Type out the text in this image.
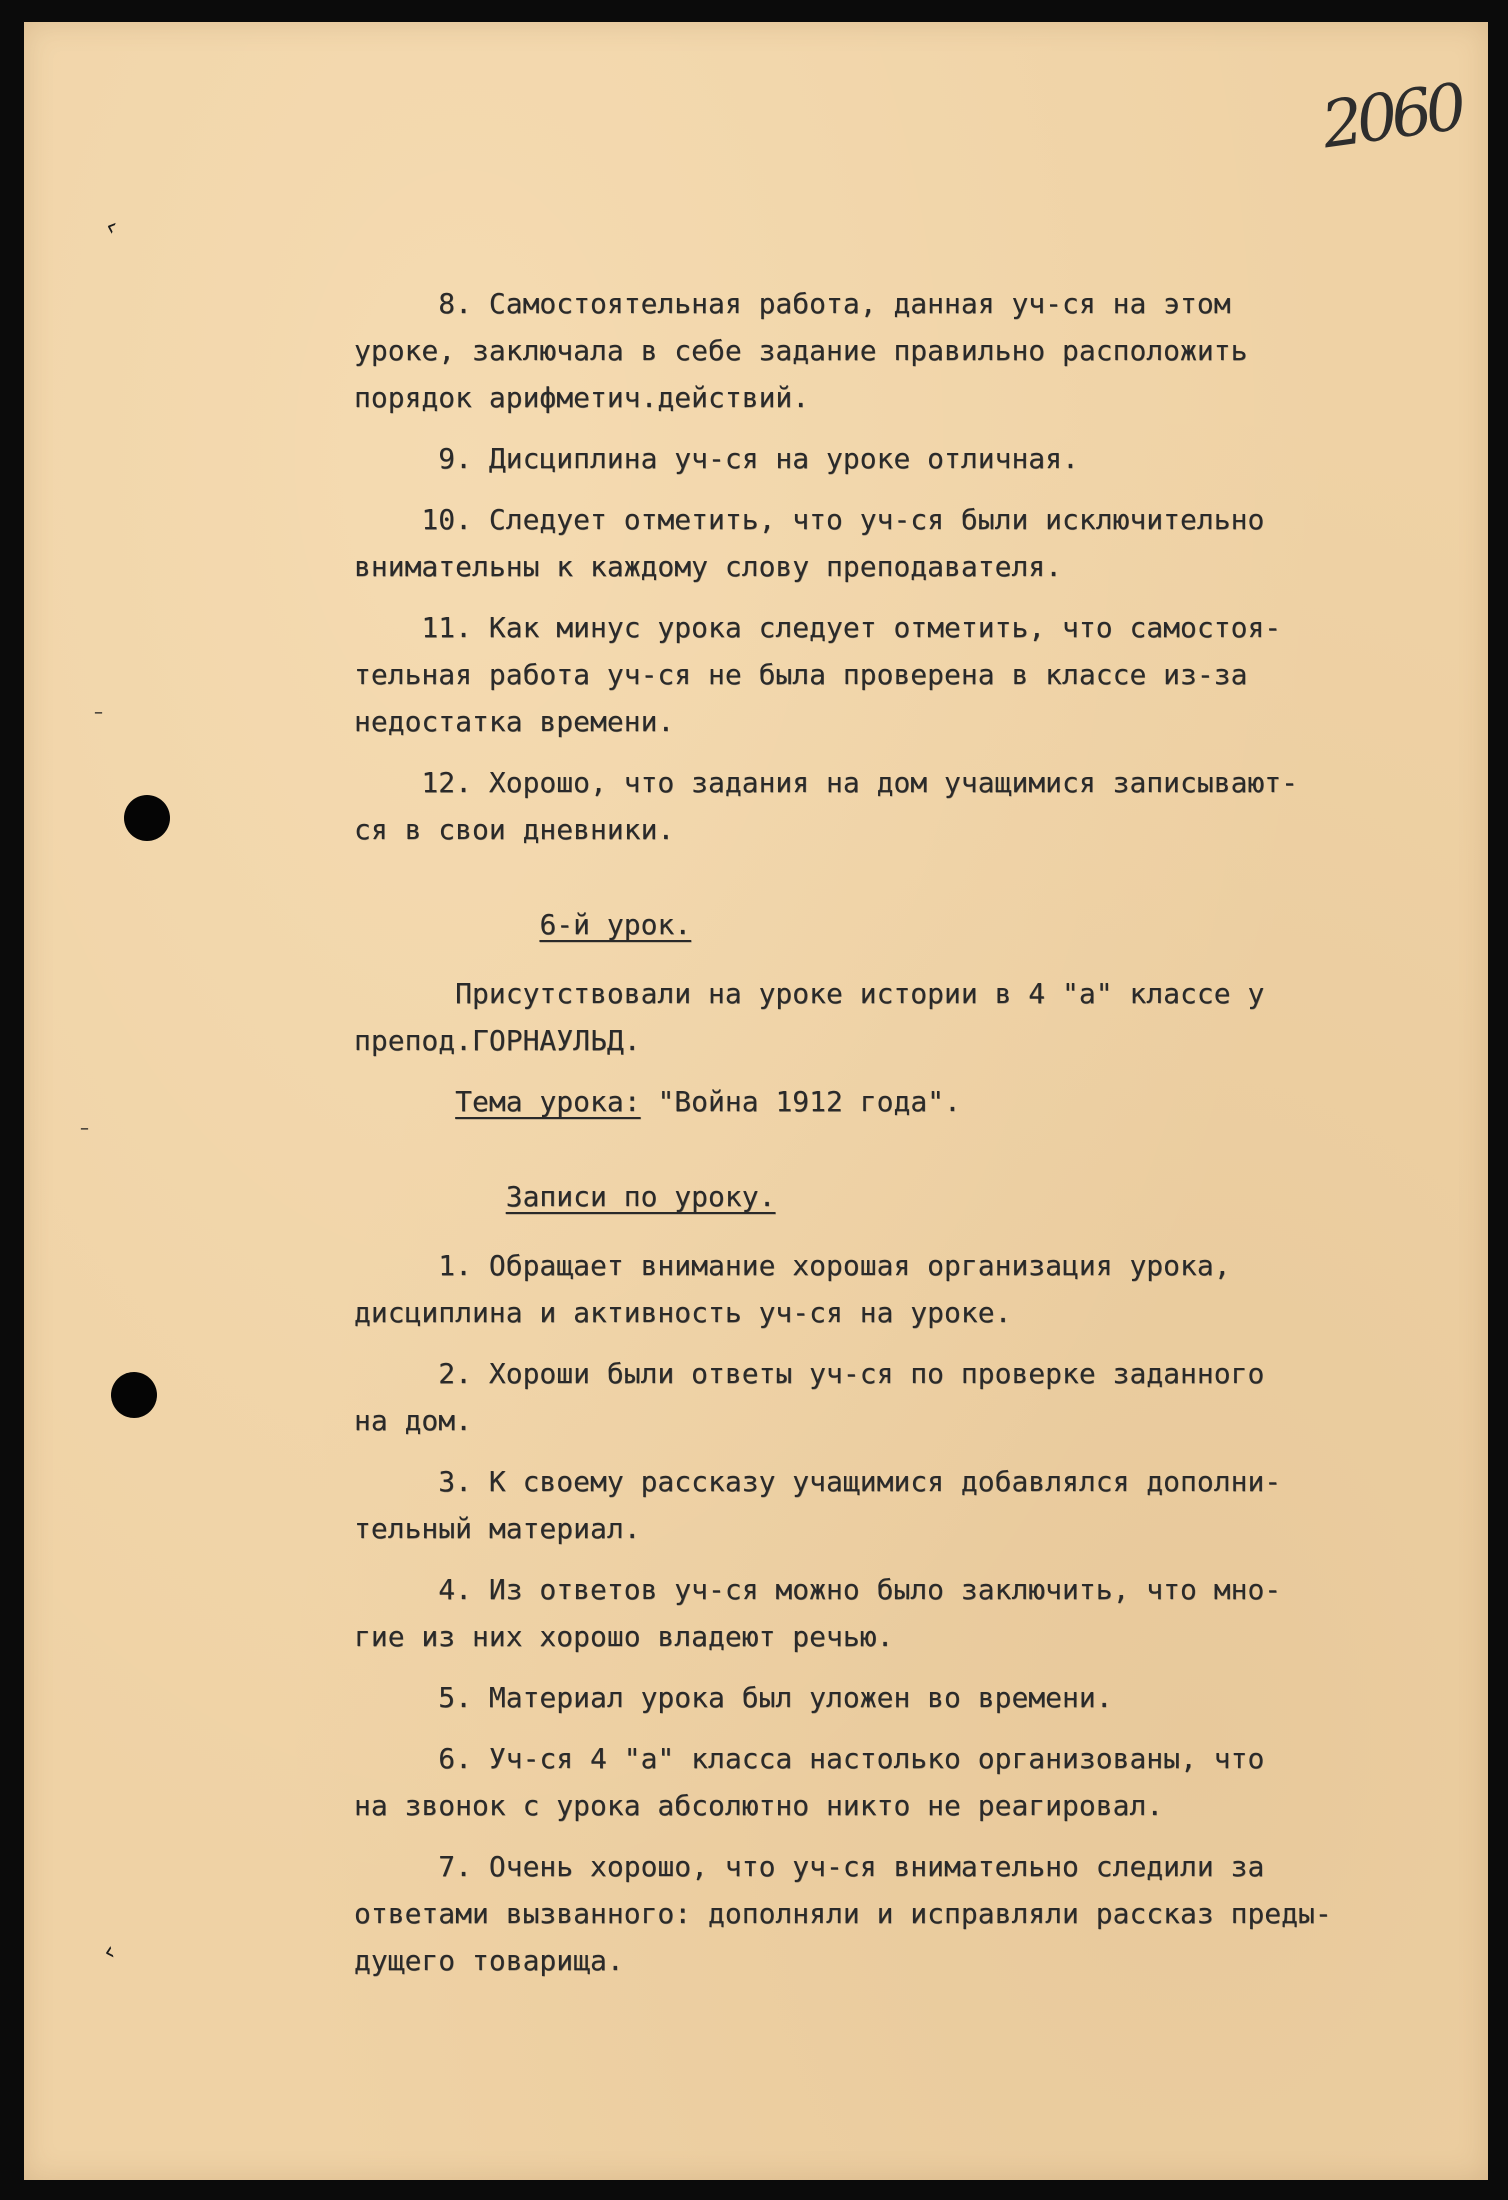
2060
‹
–
–
‹

8. Самостоятельная работа, данная уч-ся на этом

уроке, заключала в себе задание правильно расположить

порядок арифметич.действий.

9. Дисциплина уч-ся на уроке отличная.

10. Следует отметить, что уч-ся были исключительно

внимательны к каждому слову преподавателя.

11. Как минус урока следует отметить, что самостоя-

тельная работа уч-ся не была проверена в классе из-за

недостатка времени.

12. Хорошо, что задания на дом учащимися записывают-

ся в свои дневники.

6-й урок.

Присутствовали на уроке истории в 4 "а" классе у

препод.ГОРНАУЛЬД.

Тема урока: "Война 1912 года".

Записи по уроку.

1. Обращает внимание хорошая организация урока,

дисциплина и активность уч-ся на уроке.

2. Хороши были ответы уч-ся по проверке заданного

на дом.

3. К своему рассказу учащимися добавлялся дополни-

тельный материал.

4. Из ответов уч-ся можно было заключить, что мно-

гие из них хорошо владеют речью.

5. Материал урока был уложен во времени.

6. Уч-ся 4 "а" класса настолько организованы, что

на звонок с урока абсолютно никто не реагировал.

7. Очень хорошо, что уч-ся внимательно следили за

ответами вызванного: дополняли и исправляли рассказ преды-

дущего товарища.
